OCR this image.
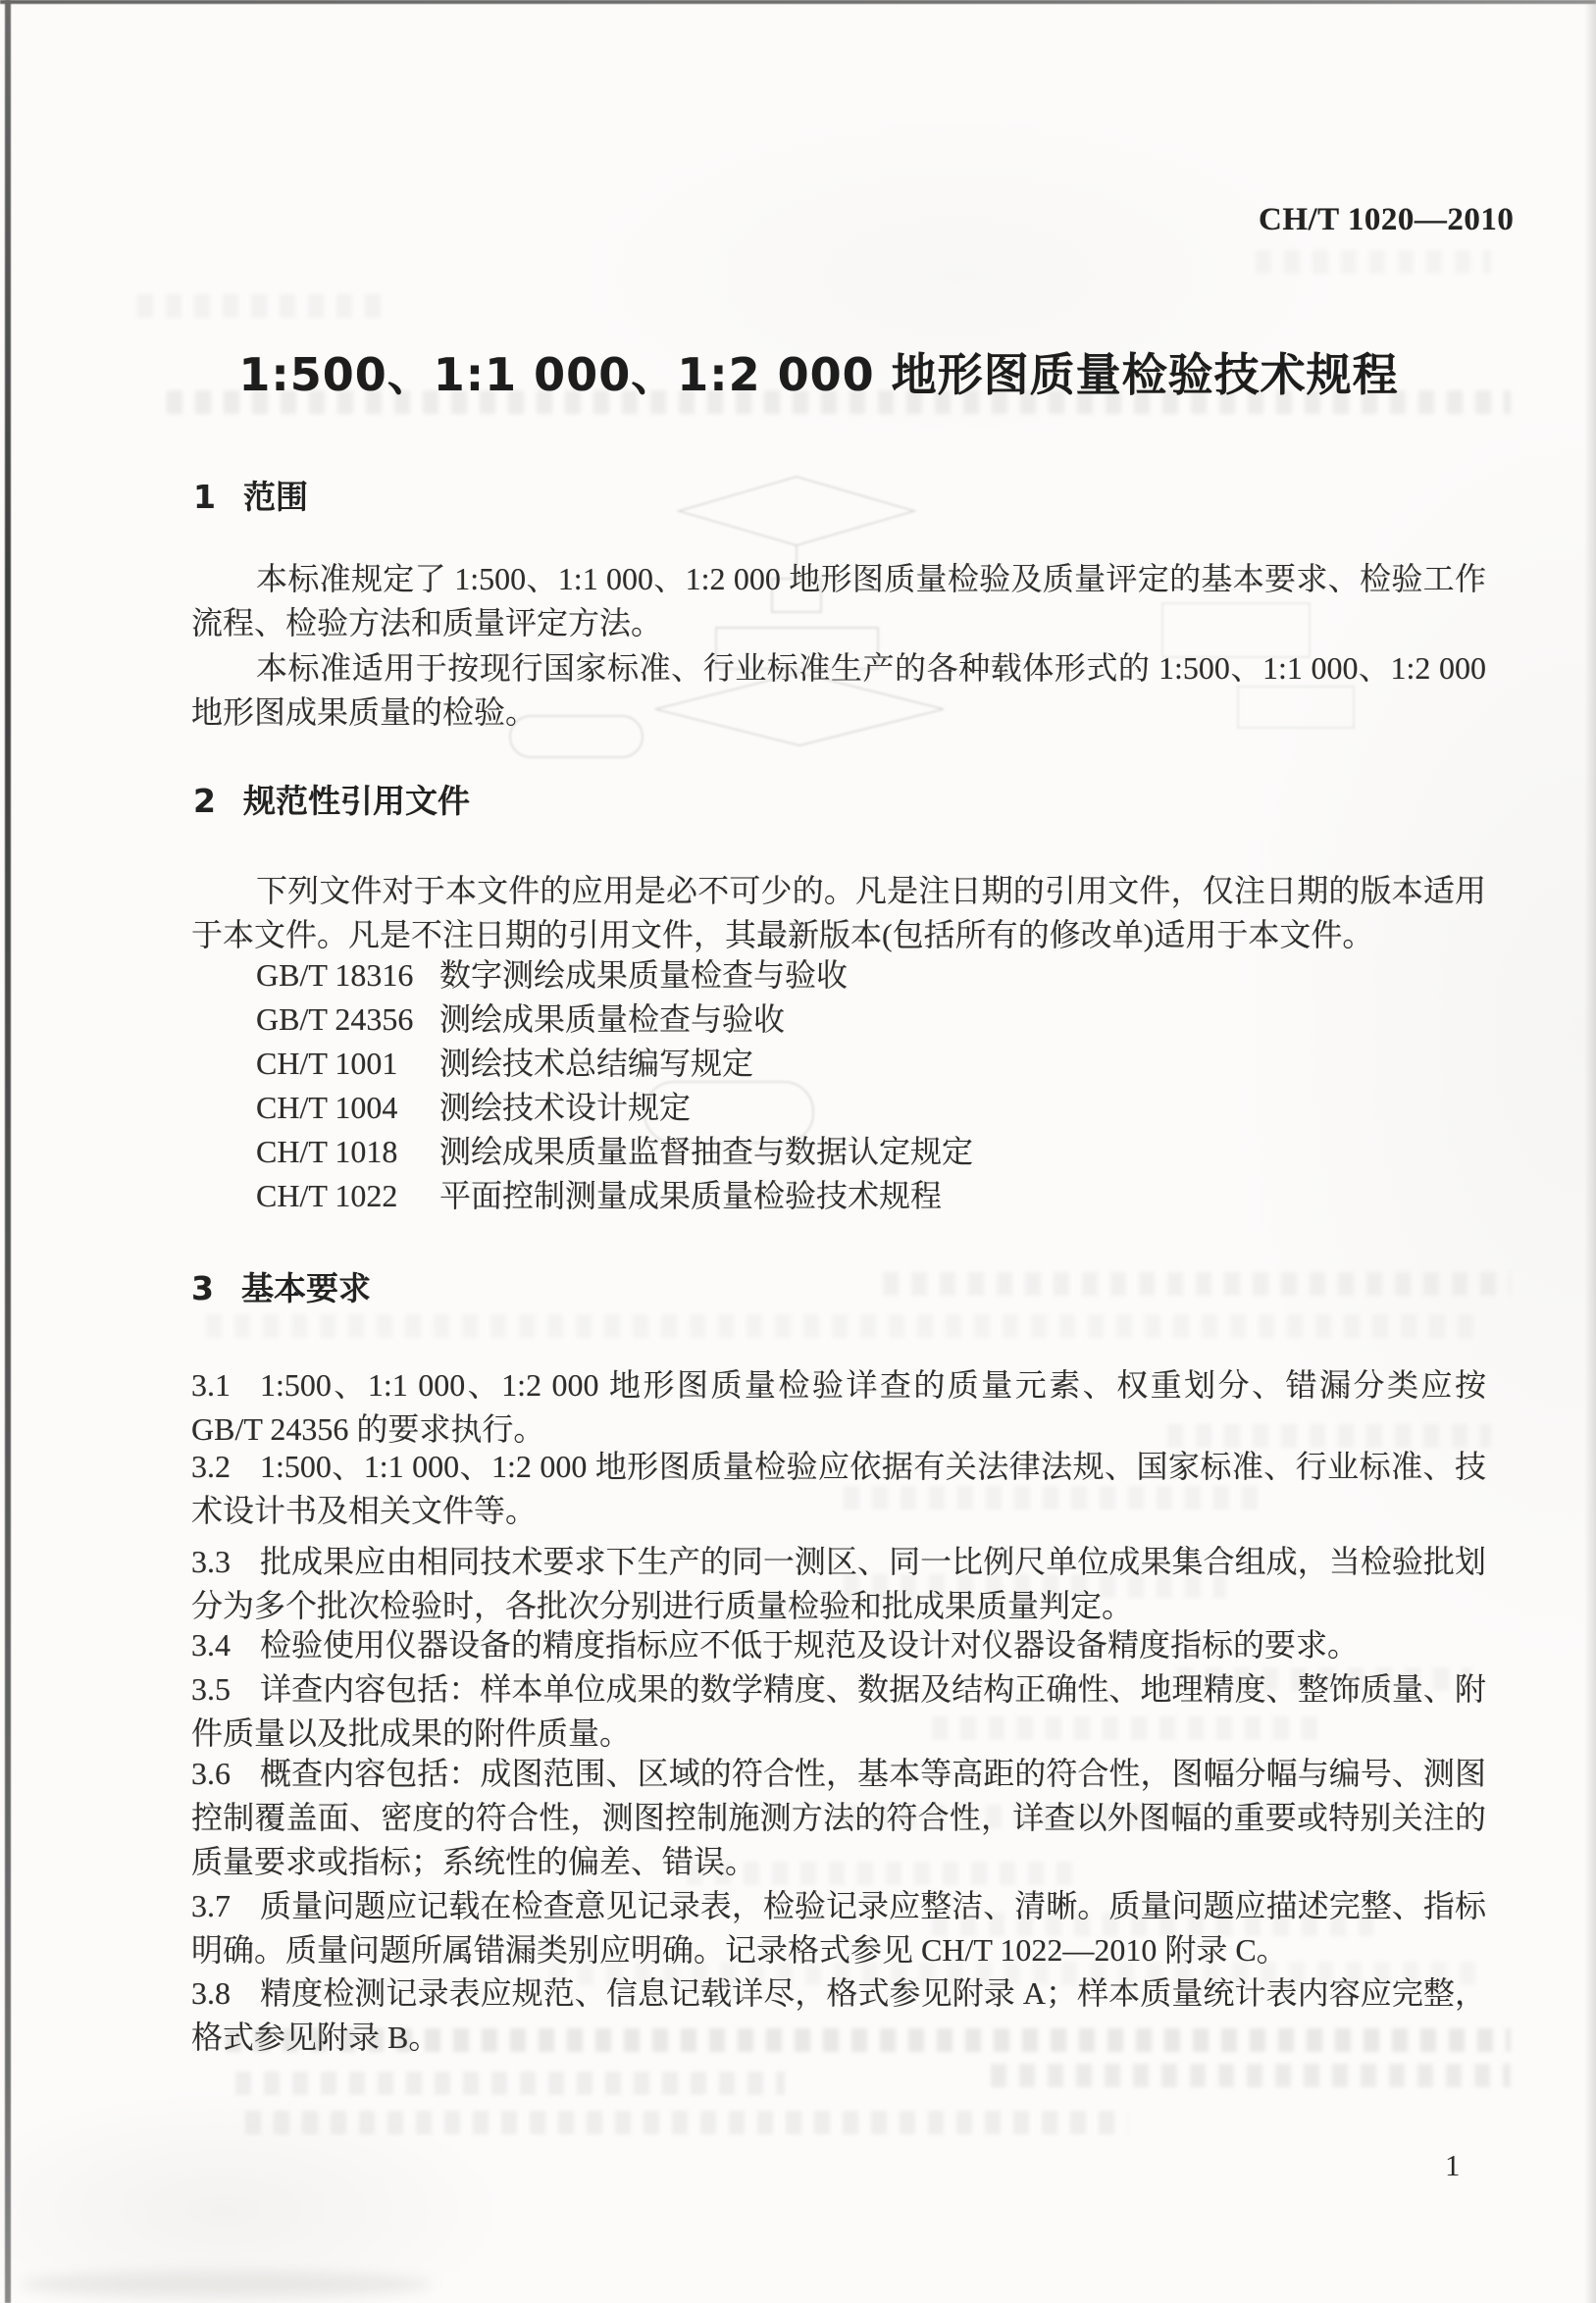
CH/T 1020—2010
1:500、1:1 000、1:2 000 地形图质量检验技术规程
1 范围
本标准规定了 1:500、1:1 000、1:2 000 地形图质量检验及质量评定的基本要求、检验工作流程、检验方法和质量评定方法。
本标准适用于按现行国家标准、行业标准生产的各种载体形式的 1:500、1:1 000、1:2 000 地形图成果质量的检验。
2 规范性引用文件
下列文件对于本文件的应用是必不可少的。凡是注日期的引用文件，仅注日期的版本适用于本文件。凡是不注日期的引用文件，其最新版本(包括所有的修改单)适用于本文件。
GB/T 18316 数字测绘成果质量检查与验收
GB/T 24356 测绘成果质量检查与验收
CH/T 1001 测绘技术总结编写规定
CH/T 1004 测绘技术设计规定
CH/T 1018 测绘成果质量监督抽查与数据认定规定
CH/T 1022 平面控制测量成果质量检验技术规程
3 基本要求
3.1 1:500、1:1 000、1:2 000 地形图质量检验详查的质量元素、权重划分、错漏分类应按 GB/T 24356 的要求执行。
3.2 1:500、1:1 000、1:2 000 地形图质量检验应依据有关法律法规、国家标准、行业标准、技术设计书及相关文件等。
3.3 批成果应由相同技术要求下生产的同一测区、同一比例尺单位成果集合组成，当检验批划分为多个批次检验时，各批次分别进行质量检验和批成果质量判定。
3.4 检验使用仪器设备的精度指标应不低于规范及设计对仪器设备精度指标的要求。
3.5 详查内容包括：样本单位成果的数学精度、数据及结构正确性、地理精度、整饰质量、附件质量以及批成果的附件质量。
3.6 概查内容包括：成图范围、区域的符合性，基本等高距的符合性，图幅分幅与编号、测图控制覆盖面、密度的符合性，测图控制施测方法的符合性，详查以外图幅的重要或特别关注的质量要求或指标；系统性的偏差、错误。
3.7 质量问题应记载在检查意见记录表，检验记录应整洁、清晰。质量问题应描述完整、指标明确。质量问题所属错漏类别应明确。记录格式参见 CH/T 1022—2010 附录 C。
3.8 精度检测记录表应规范、信息记载详尽，格式参见附录 A；样本质量统计表内容应完整，格式参见附录 B。
1
